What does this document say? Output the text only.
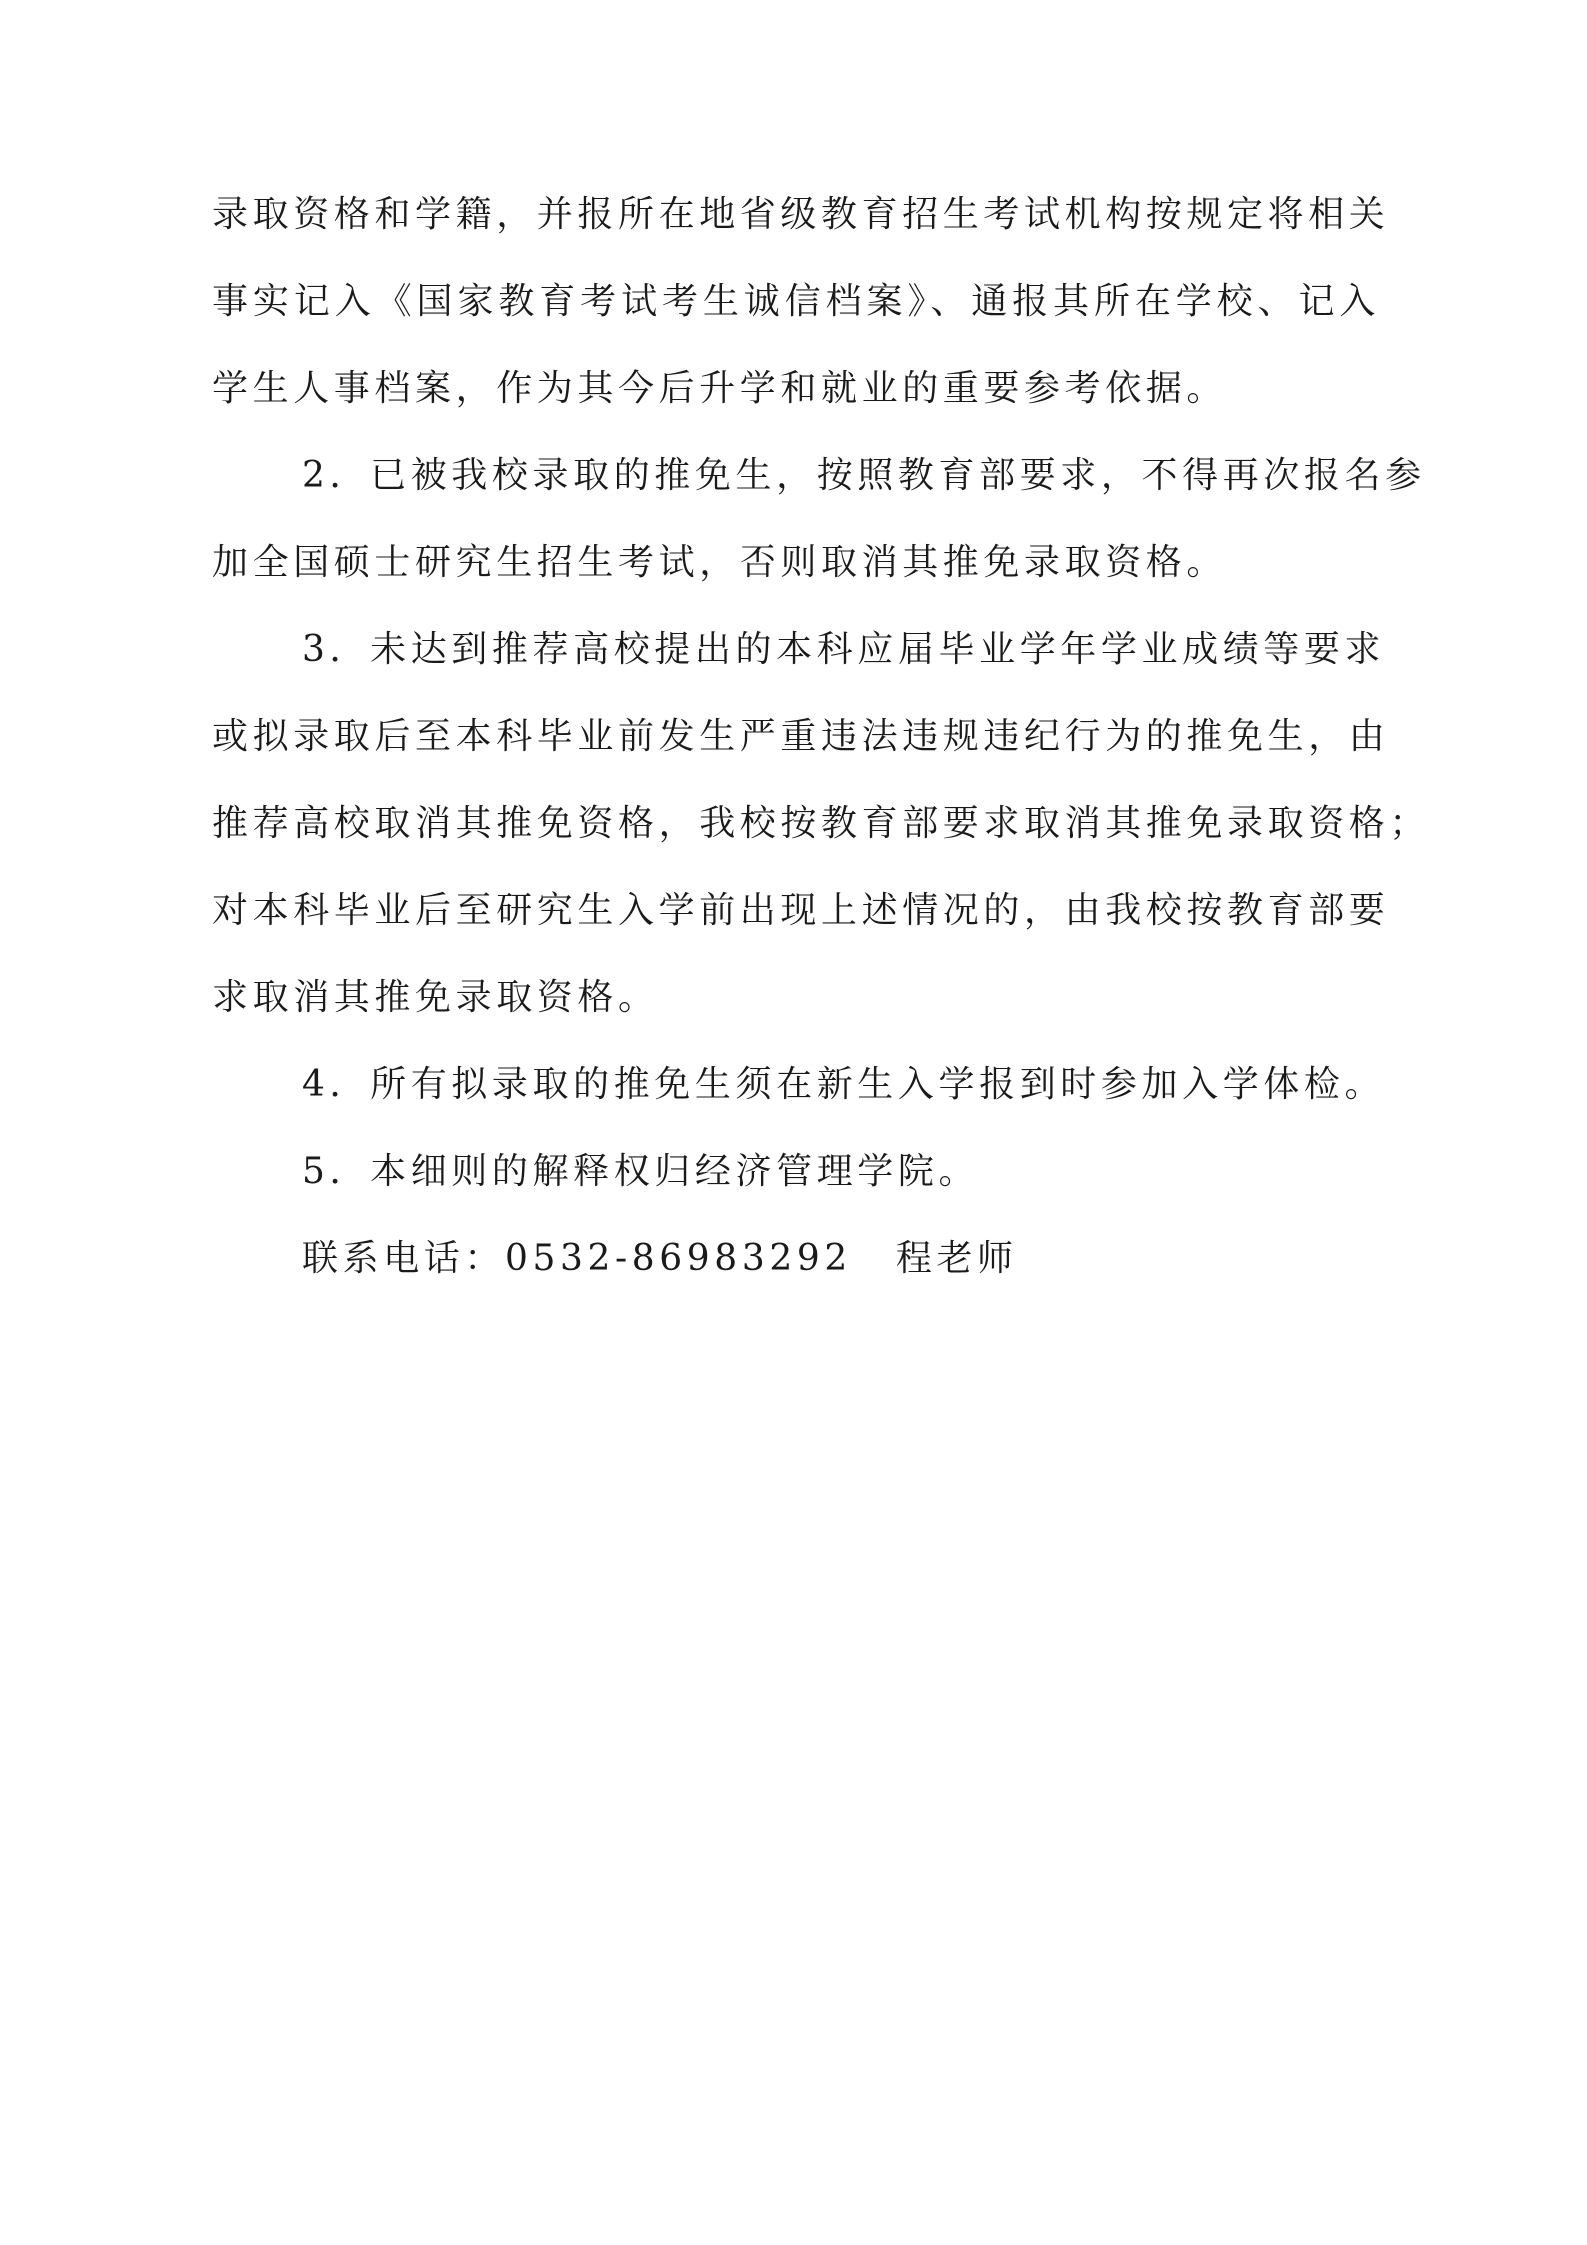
录取资格和学籍，并报所在地省级教育招生考试机构按规定将相关
事实记入《国家教育考试考生诚信档案》、通报其所在学校、记入
学生人事档案，作为其今后升学和就业的重要参考依据。
2．已被我校录取的推免生，按照教育部要求，不得再次报名参
加全国硕士研究生招生考试，否则取消其推免录取资格。
3．未达到推荐高校提出的本科应届毕业学年学业成绩等要求
或拟录取后至本科毕业前发生严重违法违规违纪行为的推免生，由
推荐高校取消其推免资格，我校按教育部要求取消其推免录取资格；
对本科毕业后至研究生入学前出现上述情况的，由我校按教育部要
求取消其推免录取资格。
4．所有拟录取的推免生须在新生入学报到时参加入学体检。
5．本细则的解释权归经济管理学院。
联系电话：0532-86983292 程老师
